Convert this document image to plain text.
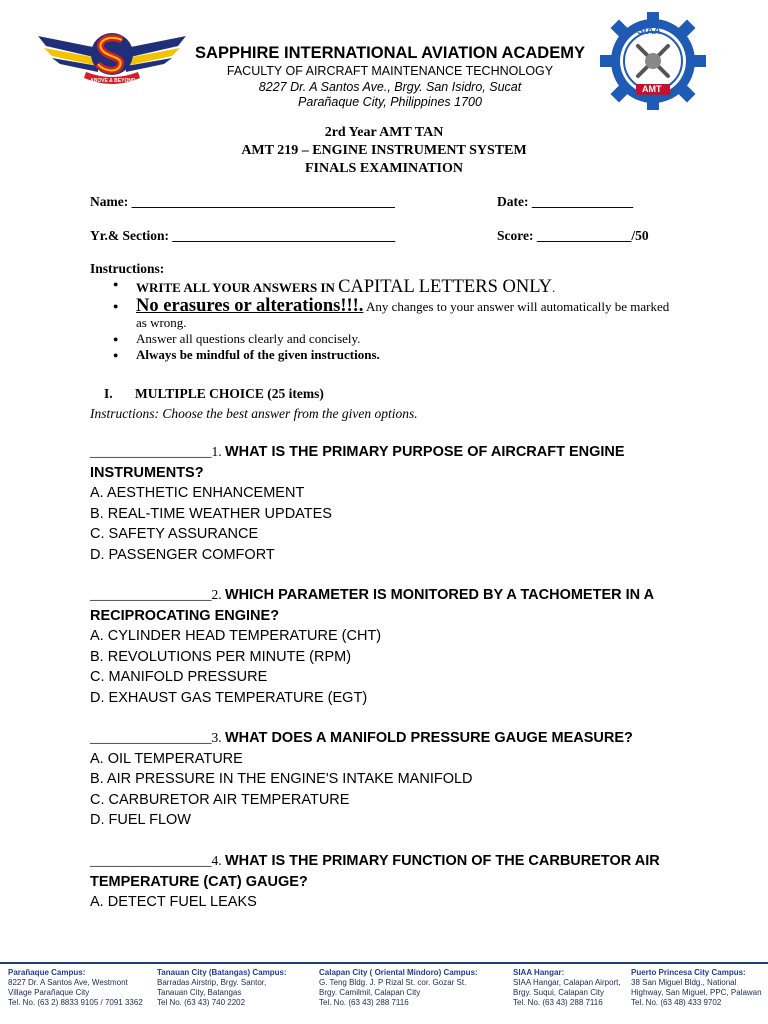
ABOVE & BEYOND
SIAA
AMT
SAPPHIRE INTERNATIONAL AVIATION ACADEMY
FACULTY OF AIRCRAFT MAINTENANCE TECHNOLOGY
8227 Dr. A Santos Ave., Brgy. San Isidro, Sucat
Parañaque City, Philippines 1700
2rd Year AMT TAN
AMT 219 – ENGINE INSTRUMENT SYSTEM
FINALS EXAMINATION
Name: _______________________________________	Date: _______________
Yr.& Section: _________________________________	Score: ______________/50
Instructions:
● WRITE ALL YOUR ANSWERS IN CAPITAL LETTERS ONLY.
● No erasures or alterations!!!. Any changes to your answer will automatically be marked as wrong.
● Answer all questions clearly and concisely.
● Always be mindful of the given instructions.
I. MULTIPLE CHOICE (25 items)
Instructions: Choose the best answer from the given options.
__________________1. WHAT IS THE PRIMARY PURPOSE OF AIRCRAFT ENGINE INSTRUMENTS?
A. AESTHETIC ENHANCEMENT
B. REAL-TIME WEATHER UPDATES
C. SAFETY ASSURANCE
D. PASSENGER COMFORT
__________________2. WHICH PARAMETER IS MONITORED BY A TACHOMETER IN A RECIPROCATING ENGINE?
A. CYLINDER HEAD TEMPERATURE (CHT)
B. REVOLUTIONS PER MINUTE (RPM)
C. MANIFOLD PRESSURE
D. EXHAUST GAS TEMPERATURE (EGT)
__________________3. WHAT DOES A MANIFOLD PRESSURE GAUGE MEASURE?
A. OIL TEMPERATURE
B. AIR PRESSURE IN THE ENGINE'S INTAKE MANIFOLD
C. CARBURETOR AIR TEMPERATURE
D. FUEL FLOW
__________________4. WHAT IS THE PRIMARY FUNCTION OF THE CARBURETOR AIR TEMPERATURE (CAT) GAUGE?
A. DETECT FUEL LEAKS
Parañaque Campus:
8227 Dr. A Santos Ave, Westmont
Village Parañaque City
Tel. No. (63 2) 8833 9105 / 7091 3362
Tanauan City (Batangas) Campus:
Barradas Airstrip, Brgy. Santor,
Tanauan City, Batangas
Tel No. (63 43) 740 2202
Calapan City ( Oriental Mindoro) Campus:
G. Teng Bldg. J. P Rizal St. cor. Gozar St.
Brgy. Camilmil, Calapan City
Tel. No. (63 43) 288 7116
SIAA Hangar:
SIAA Hangar, Calapan Airport,
Brgy. Suqui, Calapan City
Tel. No. (63 43) 288 7116
Puerto Princesa City Campus:
38 San Miguel Bldg., National
Highway, San Miguel, PPC, Palawan
Tel. No. (63 48) 433 9702
